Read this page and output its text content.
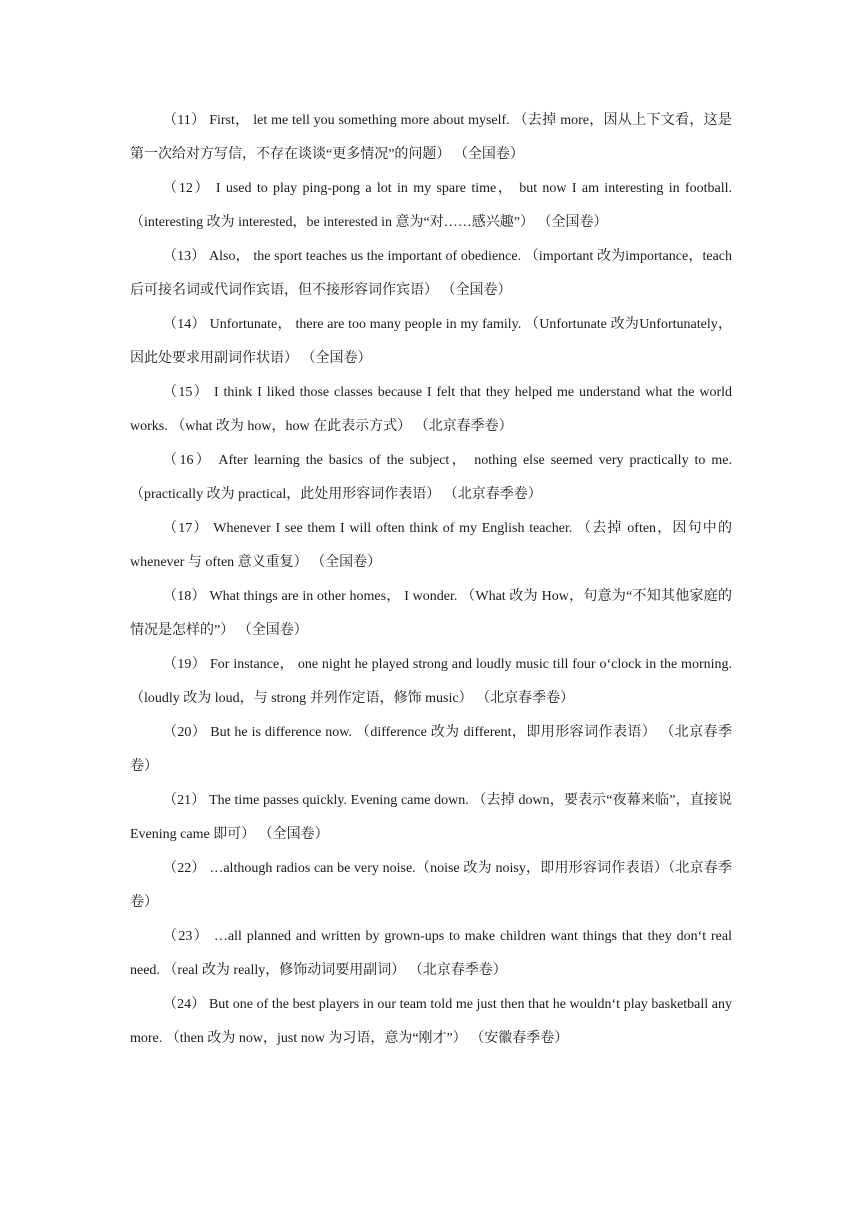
（11） First， let me tell you something more about myself. （去掉 more，因从上下文看，这是第一次给对方写信，不存在谈谈“更多情况”的问题） （全国卷）

（12） I used to play ping-pong a lot in my spare time， but now I am interesting in football.（interesting 改为 interested，be interested in 意为“对……感兴趣”） （全国卷）

（13） Also， the sport teaches us the important of obedience. （important 改为importance，teach 后可接名词或代词作宾语，但不接形容词作宾语） （全国卷）

（14） Unfortunate， there are too many people in my family. （Unfortunate 改为Unfortunately，因此处要求用副词作状语） （全国卷）

（15） I think I liked those classes because I felt that they helped me understand what the world works. （what 改为 how，how 在此表示方式） （北京春季卷）

（16） After learning the basics of the subject， nothing else seemed very practically to me.（practically 改为 practical，此处用形容词作表语） （北京春季卷）

（17） Whenever I see them I will often think of my English teacher. （去掉 often，因句中的 whenever 与 often 意义重复） （全国卷）

（18） What things are in other homes， I wonder. （What 改为 How，句意为“不知其他家庭的情况是怎样的”） （全国卷）

（19） For instance， one night he played strong and loudly music till four o‘clock in the morning. （loudly 改为 loud，与 strong 并列作定语，修饰 music） （北京春季卷）

（20） But he is difference now. （difference 改为 different，即用形容词作表语） （北京春季卷）

（21） The time passes quickly. Evening came down. （去掉 down，要表示“夜幕来临”，直接说 Evening came 即可） （全国卷）

（22） …although radios can be very noise.（noise 改为 noisy，即用形容词作表语）（北京春季卷）

（23） …all planned and written by grown-ups to make children want things that they don‘t real need. （real 改为 really，修饰动词要用副词） （北京春季卷）

（24） But one of the best players in our team told me just then that he wouldn‘t play basketball any more. （then 改为 now，just now 为习语，意为“刚才”） （安徽春季卷）
